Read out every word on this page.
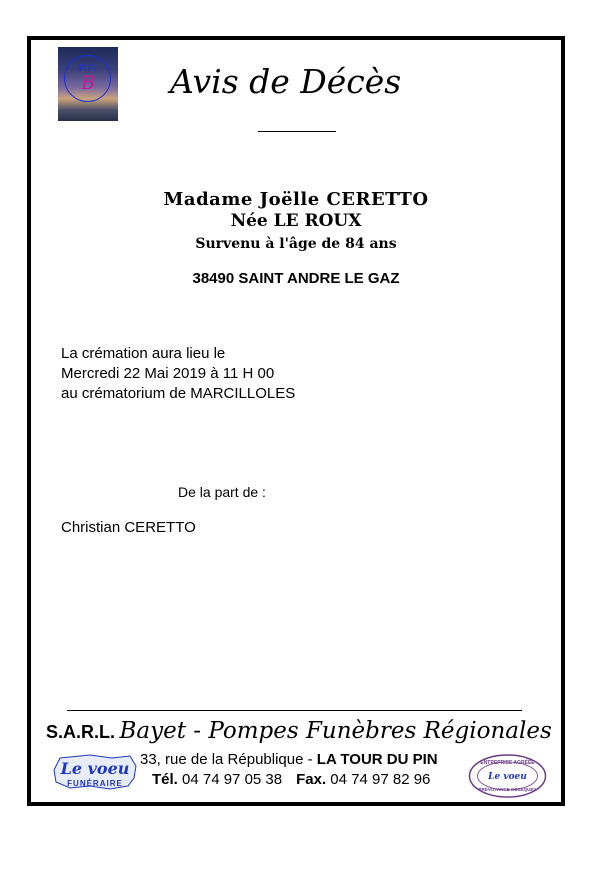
P.F.
B	Avis de Décès
Madame Joëlle CERETTO
Née LE ROUX
Survenu à l'âge de 84 ans
38490 SAINT ANDRE LE GAZ
La crémation aura lieu le
Mercredi 22 Mai 2019 à 11 H 00
au crématorium de MARCILLOLES
De la part de :
Christian CERETTO
S.A.R.L. Bayet - Pompes Funèbres Régionales
33, rue de la République - LA TOUR DU PIN
Tél. 04 74 97 05 38 Fax. 04 74 97 82 96
Le voeu
FUNÉRAIRE
ENTREPRISE AGRÉÉE
Le voeu
PRÉVOYANCE OBSÈQUES
